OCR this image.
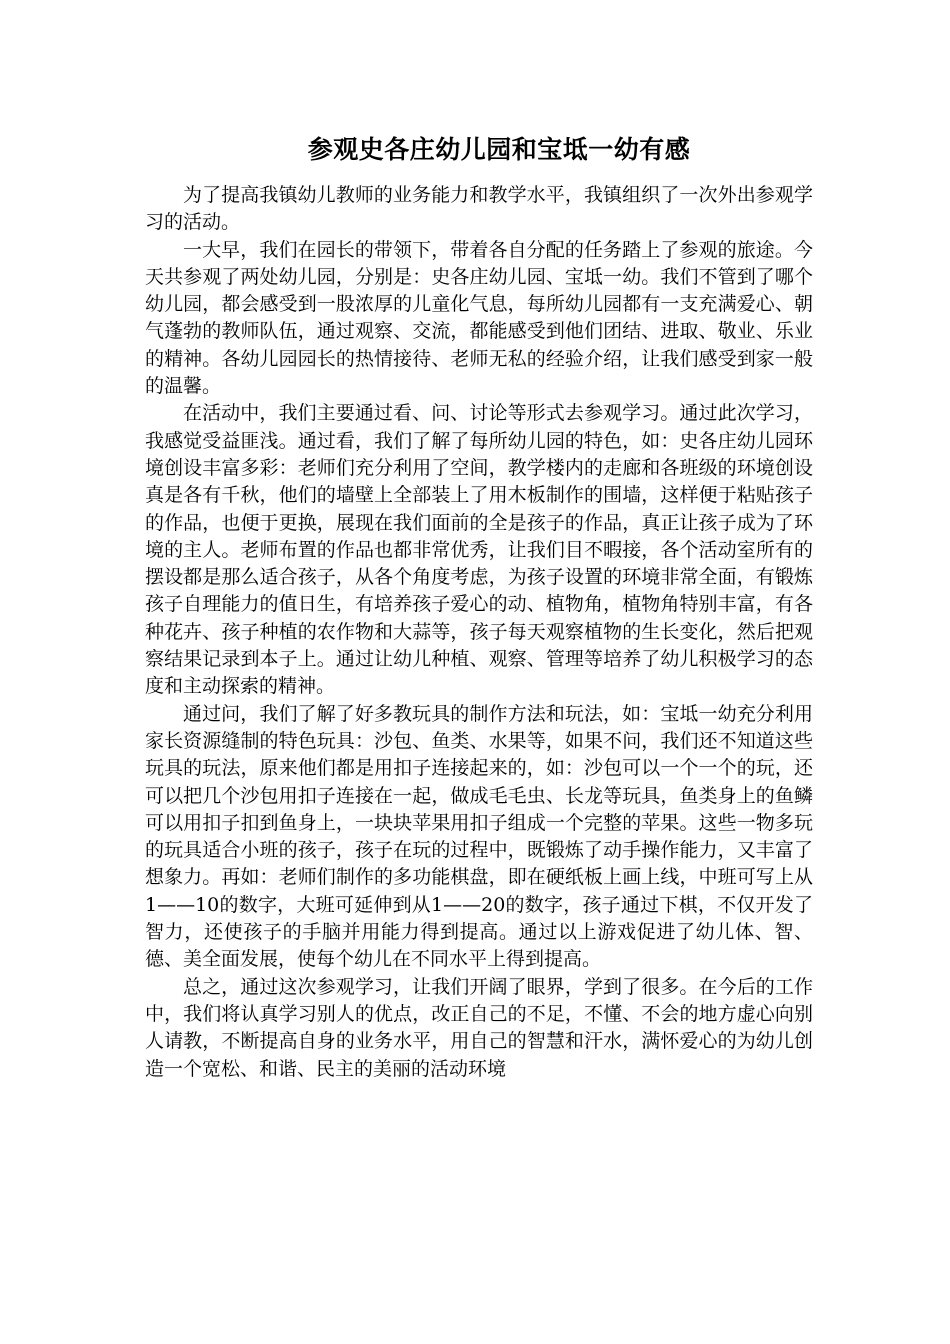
参观史各庄幼儿园和宝坻一幼有感

为了提高我镇幼儿教师的业务能力和教学水平，我镇组织了一次外出参观学习的活动。

一大早，我们在园长的带领下，带着各自分配的任务踏上了参观的旅途。今天共参观了两处幼儿园，分别是：史各庄幼儿园、宝坻一幼。我们不管到了哪个幼儿园，都会感受到一股浓厚的儿童化气息，每所幼儿园都有一支充满爱心、朝气蓬勃的教师队伍，通过观察、交流，都能感受到他们团结、进取、敬业、乐业的精神。各幼儿园园长的热情接待、老师无私的经验介绍，让我们感受到家一般的温馨。

在活动中，我们主要通过看、问、讨论等形式去参观学习。通过此次学习，我感觉受益匪浅。通过看，我们了解了每所幼儿园的特色，如：史各庄幼儿园环境创设丰富多彩：老师们充分利用了空间，教学楼内的走廊和各班级的环境创设真是各有千秋，他们的墙壁上全部装上了用木板制作的围墙，这样便于粘贴孩子的作品，也便于更换，展现在我们面前的全是孩子的作品，真正让孩子成为了环境的主人。老师布置的作品也都非常优秀，让我们目不暇接，各个活动室所有的摆设都是那么适合孩子，从各个角度考虑，为孩子设置的环境非常全面，有锻炼孩子自理能力的值日生，有培养孩子爱心的动、植物角，植物角特别丰富，有各种花卉、孩子种植的农作物和大蒜等，孩子每天观察植物的生长变化，然后把观察结果记录到本子上。通过让幼儿种植、观察、管理等培养了幼儿积极学习的态度和主动探索的精神。

通过问，我们了解了好多教玩具的制作方法和玩法，如：宝坻一幼充分利用家长资源缝制的特色玩具：沙包、鱼类、水果等，如果不问，我们还不知道这些玩具的玩法，原来他们都是用扣子连接起来的，如：沙包可以一个一个的玩，还可以把几个沙包用扣子连接在一起，做成毛毛虫、长龙等玩具，鱼类身上的鱼鳞可以用扣子扣到鱼身上，一块块苹果用扣子组成一个完整的苹果。这些一物多玩的玩具适合小班的孩子，孩子在玩的过程中，既锻炼了动手操作能力，又丰富了想象力。再如：老师们制作的多功能棋盘，即在硬纸板上画上线，中班可写上从1——10的数字，大班可延伸到从1——20的数字，孩子通过下棋，不仅开发了智力，还使孩子的手脑并用能力得到提高。通过以上游戏促进了幼儿体、智、德、美全面发展，使每个幼儿在不同水平上得到提高。

总之，通过这次参观学习，让我们开阔了眼界，学到了很多。在今后的工作中，我们将认真学习别人的优点，改正自己的不足，不懂、不会的地方虚心向别人请教，不断提高自身的业务水平，用自己的智慧和汗水，满怀爱心的为幼儿创造一个宽松、和谐、民主的美丽的活动环境
